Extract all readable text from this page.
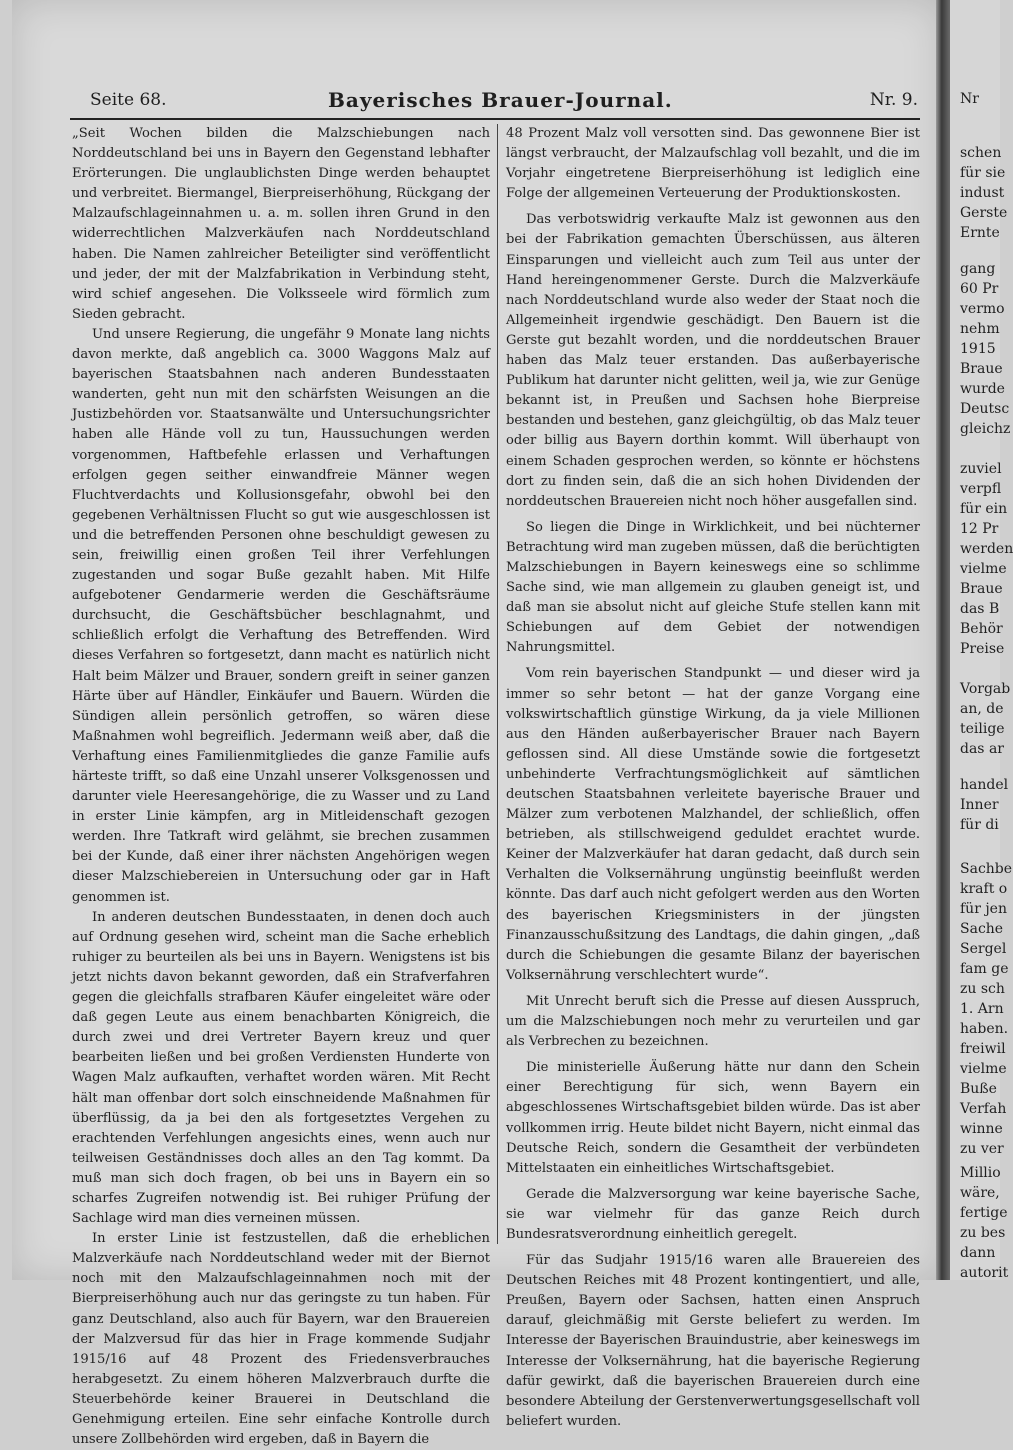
Nr
schen
für sie
indust
Gerste
Ernte
gang
60 Pr
vermo
nehm
1915
Braue
wurde
Deutsc
gleichz
zuviel
verpfl
für ein
12 Pr
werden
vielme
Braue
das B
Behör
Preise
Vorgab
an, de
teilige
das ar
handel
Inner
für di
Sachbe
kraft o
für jen
Sache
Sergel
fam ge
zu sch
1. Arn
haben.
freiwil
vielme
Buße
Verfah
winne
zu ver
Millio
wäre,
fertige
zu bes
dann
autorit
Seite 68.	Bayerisches Brauer-Journal.	Nr. 9.

„Seit Wochen bilden die Malzschiebungen nach Norddeutschland bei uns in Bayern den Gegenstand lebhafter Erörterungen. Die unglaublichsten Dinge werden behauptet und verbreitet. Biermangel, Bierpreiserhöhung, Rückgang der Malzaufschlageinnahmen u. a. m. sollen ihren Grund in den widerrechtlichen Malzverkäufen nach Norddeutschland haben. Die Namen zahlreicher Beteiligter sind veröffentlicht und jeder, der mit der Malzfabrikation in Verbindung steht, wird schief angesehen. Die Volksseele wird förmlich zum Sieden gebracht.

Und unsere Regierung, die ungefähr 9 Monate lang nichts davon merkte, daß angeblich ca. 3000 Waggons Malz auf bayerischen Staatsbahnen nach anderen Bundesstaaten wanderten, geht nun mit den schärfsten Weisungen an die Justizbehörden vor. Staatsanwälte und Untersuchungsrichter haben alle Hände voll zu tun, Haussuchungen werden vorgenommen, Haftbefehle erlassen und Verhaftungen erfolgen gegen seither einwandfreie Männer wegen Fluchtverdachts und Kollusionsgefahr, obwohl bei den gegebenen Verhältnissen Flucht so gut wie ausgeschlossen ist und die betreffenden Personen ohne beschuldigt gewesen zu sein, freiwillig einen großen Teil ihrer Verfehlungen zugestanden und sogar Buße gezahlt haben. Mit Hilfe aufgebotener Gendarmerie werden die Geschäftsräume durchsucht, die Geschäftsbücher beschlagnahmt, und schließlich erfolgt die Verhaftung des Betreffenden. Wird dieses Verfahren so fortgesetzt, dann macht es natürlich nicht Halt beim Mälzer und Brauer, sondern greift in seiner ganzen Härte über auf Händler, Einkäufer und Bauern. Würden die Sündigen allein persönlich getroffen, so wären diese Maßnahmen wohl begreiflich. Jedermann weiß aber, daß die Verhaftung eines Familienmitgliedes die ganze Familie aufs härteste trifft, so daß eine Unzahl unserer Volksgenossen und darunter viele Heeresangehörige, die zu Wasser und zu Land in erster Linie kämpfen, arg in Mitleidenschaft gezogen werden. Ihre Tatkraft wird gelähmt, sie brechen zusammen bei der Kunde, daß einer ihrer nächsten Angehörigen wegen dieser Malzschiebereien in Untersuchung oder gar in Haft genommen ist.

In anderen deutschen Bundesstaaten, in denen doch auch auf Ordnung gesehen wird, scheint man die Sache erheblich ruhiger zu beurteilen als bei uns in Bayern. Wenigstens ist bis jetzt nichts davon bekannt geworden, daß ein Strafverfahren gegen die gleichfalls strafbaren Käufer eingeleitet wäre oder daß gegen Leute aus einem benachbarten Königreich, die durch zwei und drei Vertreter Bayern kreuz und quer bearbeiten ließen und bei großen Verdiensten Hunderte von Wagen Malz aufkauften, verhaftet worden wären. Mit Recht hält man offenbar dort solch einschneidende Maßnahmen für überflüssig, da ja bei den als fortgesetztes Vergehen zu erachtenden Verfehlungen angesichts eines, wenn auch nur teilweisen Geständnisses doch alles an den Tag kommt. Da muß man sich doch fragen, ob bei uns in Bayern ein so scharfes Zugreifen notwendig ist. Bei ruhiger Prüfung der Sachlage wird man dies verneinen müssen.

In erster Linie ist festzustellen, daß die erheblichen Malzverkäufe nach Norddeutschland weder mit der Biernot noch mit den Malzaufschlageinnahmen noch mit der Bierpreiserhöhung auch nur das geringste zu tun haben. Für ganz Deutschland, also auch für Bayern, war den Brauereien der Malzversud für das hier in Frage kommende Sudjahr 1915/16 auf 48 Prozent des Friedensverbrauches herabgesetzt. Zu einem höheren Malzverbrauch durfte die Steuerbehörde keiner Brauerei in Deutschland die Genehmigung erteilen. Eine sehr einfache Kontrolle durch unsere Zollbehörden wird ergeben, daß in Bayern die

48 Prozent Malz voll versotten sind. Das gewonnene Bier ist längst verbraucht, der Malzaufschlag voll bezahlt, und die im Vorjahr eingetretene Bierpreiserhöhung ist lediglich eine Folge der allgemeinen Verteuerung der Produktionskosten.

Das verbotswidrig verkaufte Malz ist gewonnen aus den bei der Fabrikation gemachten Überschüssen, aus älteren Einsparungen und vielleicht auch zum Teil aus unter der Hand hereingenommener Gerste. Durch die Malzverkäufe nach Norddeutschland wurde also weder der Staat noch die Allgemeinheit irgendwie geschädigt. Den Bauern ist die Gerste gut bezahlt worden, und die norddeutschen Brauer haben das Malz teuer erstanden. Das außerbayerische Publikum hat darunter nicht gelitten, weil ja, wie zur Genüge bekannt ist, in Preußen und Sachsen hohe Bierpreise bestanden und bestehen, ganz gleichgültig, ob das Malz teuer oder billig aus Bayern dorthin kommt. Will überhaupt von einem Schaden gesprochen werden, so könnte er höchstens dort zu finden sein, daß die an sich hohen Dividenden der norddeutschen Brauereien nicht noch höher ausgefallen sind.

So liegen die Dinge in Wirklichkeit, und bei nüchterner Betrachtung wird man zugeben müssen, daß die berüchtigten Malzschiebungen in Bayern keineswegs eine so schlimme Sache sind, wie man allgemein zu glauben geneigt ist, und daß man sie absolut nicht auf gleiche Stufe stellen kann mit Schiebungen auf dem Gebiet der notwendigen Nahrungsmittel.

Vom rein bayerischen Standpunkt — und dieser wird ja immer so sehr betont — hat der ganze Vorgang eine volkswirtschaftlich günstige Wirkung, da ja viele Millionen aus den Händen außerbayerischer Brauer nach Bayern geflossen sind. All diese Umstände sowie die fortgesetzt unbehinderte Verfrachtungsmöglichkeit auf sämtlichen deutschen Staatsbahnen verleitete bayerische Brauer und Mälzer zum verbotenen Malzhandel, der schließlich, offen betrieben, als stillschweigend geduldet erachtet wurde. Keiner der Malzverkäufer hat daran gedacht, daß durch sein Verhalten die Volksernährung ungünstig beeinflußt werden könnte. Das darf auch nicht gefolgert werden aus den Worten des bayerischen Kriegsministers in der jüngsten Finanzausschußsitzung des Landtags, die dahin gingen, „daß durch die Schiebungen die gesamte Bilanz der bayerischen Volksernährung verschlechtert wurde“.

Mit Unrecht beruft sich die Presse auf diesen Ausspruch, um die Malzschiebungen noch mehr zu verurteilen und gar als Verbrechen zu bezeichnen.

Die ministerielle Äußerung hätte nur dann den Schein einer Berechtigung für sich, wenn Bayern ein abgeschlossenes Wirtschaftsgebiet bilden würde. Das ist aber vollkommen irrig. Heute bildet nicht Bayern, nicht einmal das Deutsche Reich, sondern die Gesamtheit der verbündeten Mittelstaaten ein einheitliches Wirtschaftsgebiet.

Gerade die Malzversorgung war keine bayerische Sache, sie war vielmehr für das ganze Reich durch Bundesratsverordnung einheitlich geregelt.

Für das Sudjahr 1915/16 waren alle Brauereien des Deutschen Reiches mit 48 Prozent kontingentiert, und alle, Preußen, Bayern oder Sachsen, hatten einen Anspruch darauf, gleichmäßig mit Gerste beliefert zu werden. Im Interesse der Bayerischen Brauindustrie, aber keineswegs im Interesse der Volksernährung, hat die bayerische Regierung dafür gewirkt, daß die bayerischen Brauereien durch eine besondere Abteilung der Gerstenverwertungsgesellschaft voll beliefert wurden.
